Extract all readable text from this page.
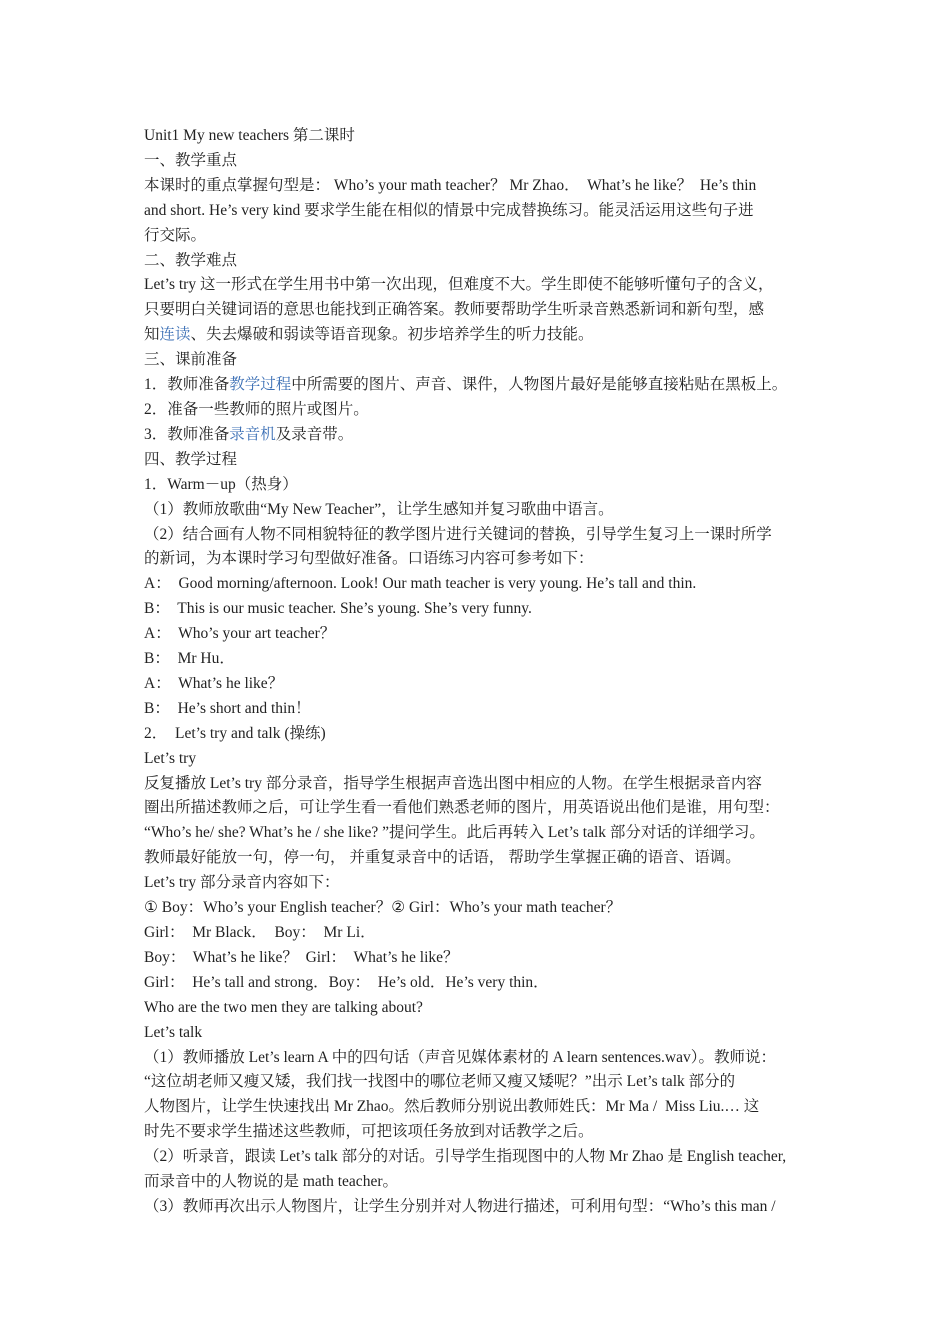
Unit1 My new teachers 第二课时
一、教学重点
本课时的重点掌握句型是： Who’s your math teacher？ Mr Zhao．  What’s he like？  He’s thin
and short. He’s very kind 要求学生能在相似的情景中完成替换练习。能灵活运用这些句子进
行交际。
二、教学难点
Let’s try 这一形式在学生用书中第一次出现，但难度不大。学生即使不能够听懂句子的含义，
只要明白关键词语的意思也能找到正确答案。教师要帮助学生听录音熟悉新词和新句型，感
知连读、失去爆破和弱读等语音现象。初步培养学生的听力技能。
三、课前准备
1．教师准备教学过程中所需要的图片、声音、课件，人物图片最好是能够直接粘贴在黑板上。
2．准备一些教师的照片或图片。
3．教师准备录音机及录音带。
四、教学过程
1．Warm－up（热身）
（1）教师放歌曲“My New Teacher”，让学生感知并复习歌曲中语言。
（2）结合画有人物不同相貌特征的教学图片进行关键词的替换，引导学生复习上一课时所学
的新词，为本课时学习句型做好准备。口语练习内容可参考如下：
A：  Good morning/afternoon. Look! Our math teacher is very young. He’s tall and thin.
B：  This is our music teacher. She’s young. She’s very funny.
A：  Who’s your art teacher？
B：  Mr Hu．
A：  What’s he like？
B：  He’s short and thin！
2．  Let’s try and talk (操练)
Let’s try
反复播放 Let’s try 部分录音，指导学生根据声音选出图中相应的人物。在学生根据录音内容
圈出所描述教师之后，可让学生看一看他们熟悉老师的图片，用英语说出他们是谁，用句型：
“Who’s he/ she? What’s he / she like? ”提问学生。此后再转入 Let’s talk 部分对话的详细学习。
教师最好能放一句，停一句， 并重复录音中的话语， 帮助学生掌握正确的语音、语调。
Let’s try 部分录音内容如下：
① Boy：Who’s your English teacher？② Girl：Who’s your math teacher？
Girl：  Mr Black．  Boy：  Mr Li．
Boy：  What’s he like？  Girl：  What’s he like？
Girl：  He’s tall and strong．Boy：  He’s old．He’s very thin．
Who are the two men they are talking about?
Let’s talk
（1）教师播放 Let’s learn A 中的四句话（声音见媒体素材的 A learn sentences.wav）。教师说：
“这位胡老师又瘦又矮，我们找一找图中的哪位老师又瘦又矮呢？”出示 Let’s talk 部分的
人物图片，让学生快速找出 Mr Zhao。然后教师分别说出教师姓氏：Mr Ma /  Miss Liu.… 这
时先不要求学生描述这些教师，可把该项任务放到对话教学之后。
（2）听录音，跟读 Let’s talk 部分的对话。引导学生指现图中的人物 Mr Zhao 是 English teacher,
而录音中的人物说的是 math teacher。
（3）教师再次出示人物图片，让学生分别并对人物进行描述，可利用句型：“Who’s this man /
